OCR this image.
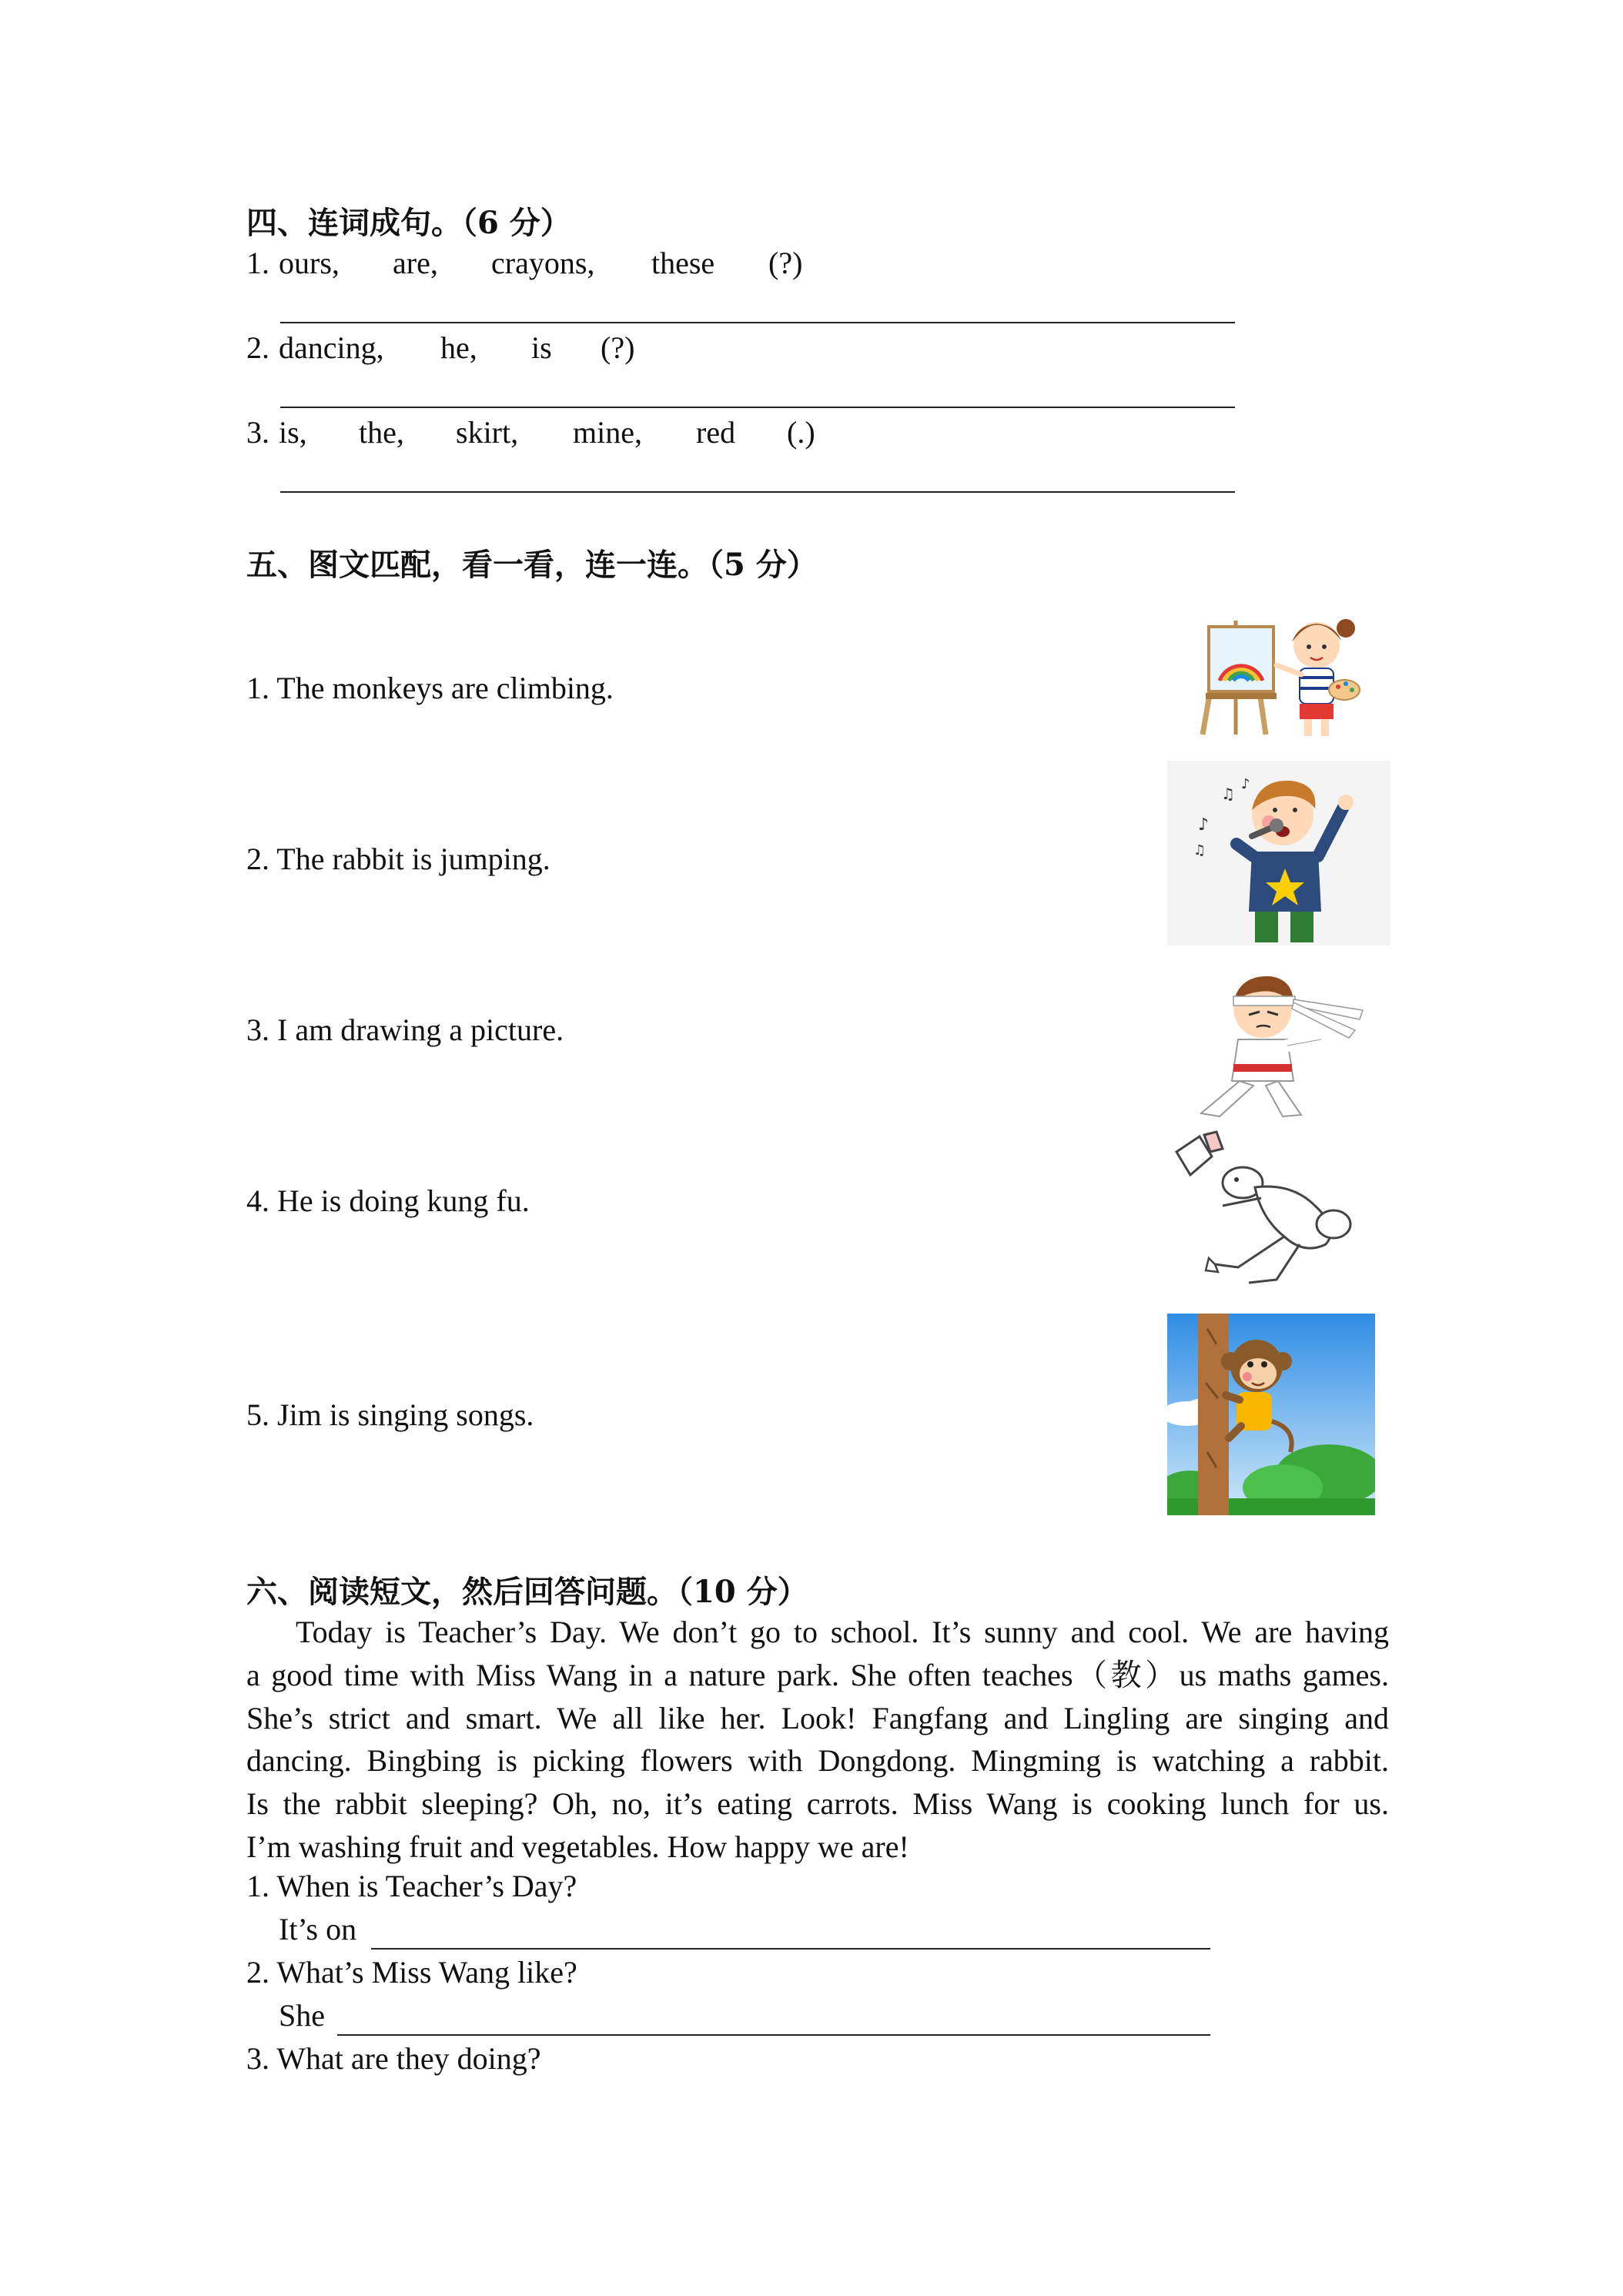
四、连词成句。（6 分）
1. ours, are, crayons, these (?)
2. dancing, he, is (?)
3. is, the, skirt, mine, red (.)
五、图文匹配，看一看，连一连。（5 分）
1. The monkeys are climbing.
2. The rabbit is jumping.
3. I am drawing a picture.
4. He is doing kung fu.
5. Jim is singing songs.
♪
♫
♪
♫
六、阅读短文，然后回答问题。（10 分）
Today is Teacher’s Day. We don’t go to school. It’s sunny and cool. We are having
a good time with Miss Wang in a nature park. She often teaches（教）us maths games.
She’s strict and smart. We all like her. Look! Fangfang and Lingling are singing and
dancing. Bingbing is picking flowers with Dongdong. Mingming is watching a rabbit.
Is the rabbit sleeping? Oh, no, it’s eating carrots. Miss Wang is cooking lunch for us.
I’m washing fruit and vegetables. How happy we are!
1. When is Teacher’s Day?
It’s on
2. What’s Miss Wang like?
She
3. What are they doing?
